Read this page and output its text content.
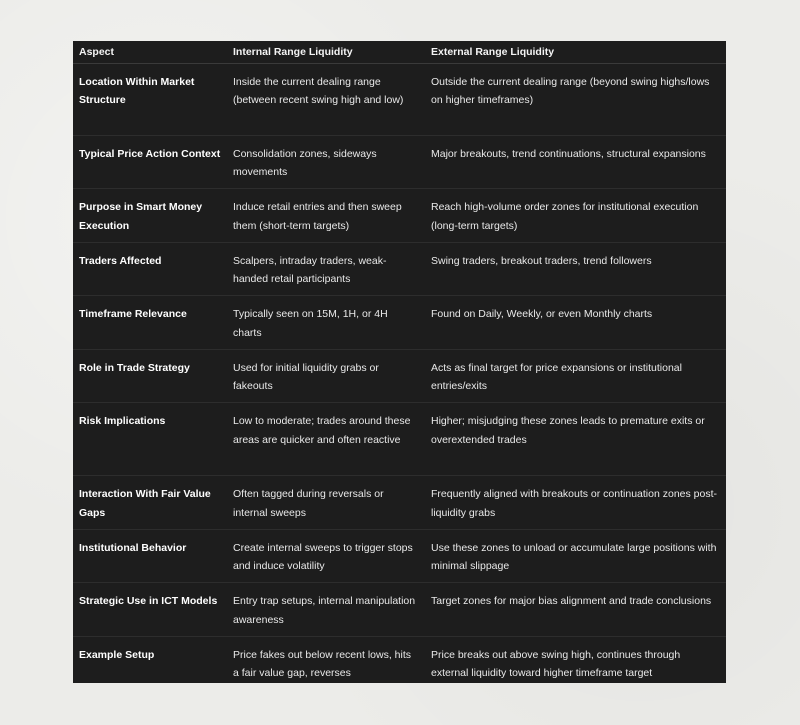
Aspect	Internal Range Liquidity	External Range Liquidity
Location Within Market Structure	Inside the current dealing range (between recent swing high and low)	Outside the current dealing range (beyond swing highs/lows on higher timeframes)
Typical Price Action Context	Consolidation zones, sideways movements	Major breakouts, trend continuations, structural expansions
Purpose in Smart Money Execution	Induce retail entries and then sweep them (short-term targets)	Reach high-volume order zones for institutional execution (long-term targets)
Traders Affected	Scalpers, intraday traders, weak-handed retail participants	Swing traders, breakout traders, trend followers
Timeframe Relevance	Typically seen on 15M, 1H, or 4H charts	Found on Daily, Weekly, or even Monthly charts
Role in Trade Strategy	Used for initial liquidity grabs or fakeouts	Acts as final target for price expansions or institutional entries/exits
Risk Implications	Low to moderate; trades around these areas are quicker and often reactive	Higher; misjudging these zones leads to premature exits or overextended trades
Interaction With Fair Value Gaps	Often tagged during reversals or internal sweeps	Frequently aligned with breakouts or continuation zones post-liquidity grabs
Institutional Behavior	Create internal sweeps to trigger stops and induce volatility	Use these zones to unload or accumulate large positions with minimal slippage
Strategic Use in ICT Models	Entry trap setups, internal manipulation awareness	Target zones for major bias alignment and trade conclusions
Example Setup	Price fakes out below recent lows, hits a fair value gap, reverses	Price breaks out above swing high, continues through external liquidity toward higher timeframe target
